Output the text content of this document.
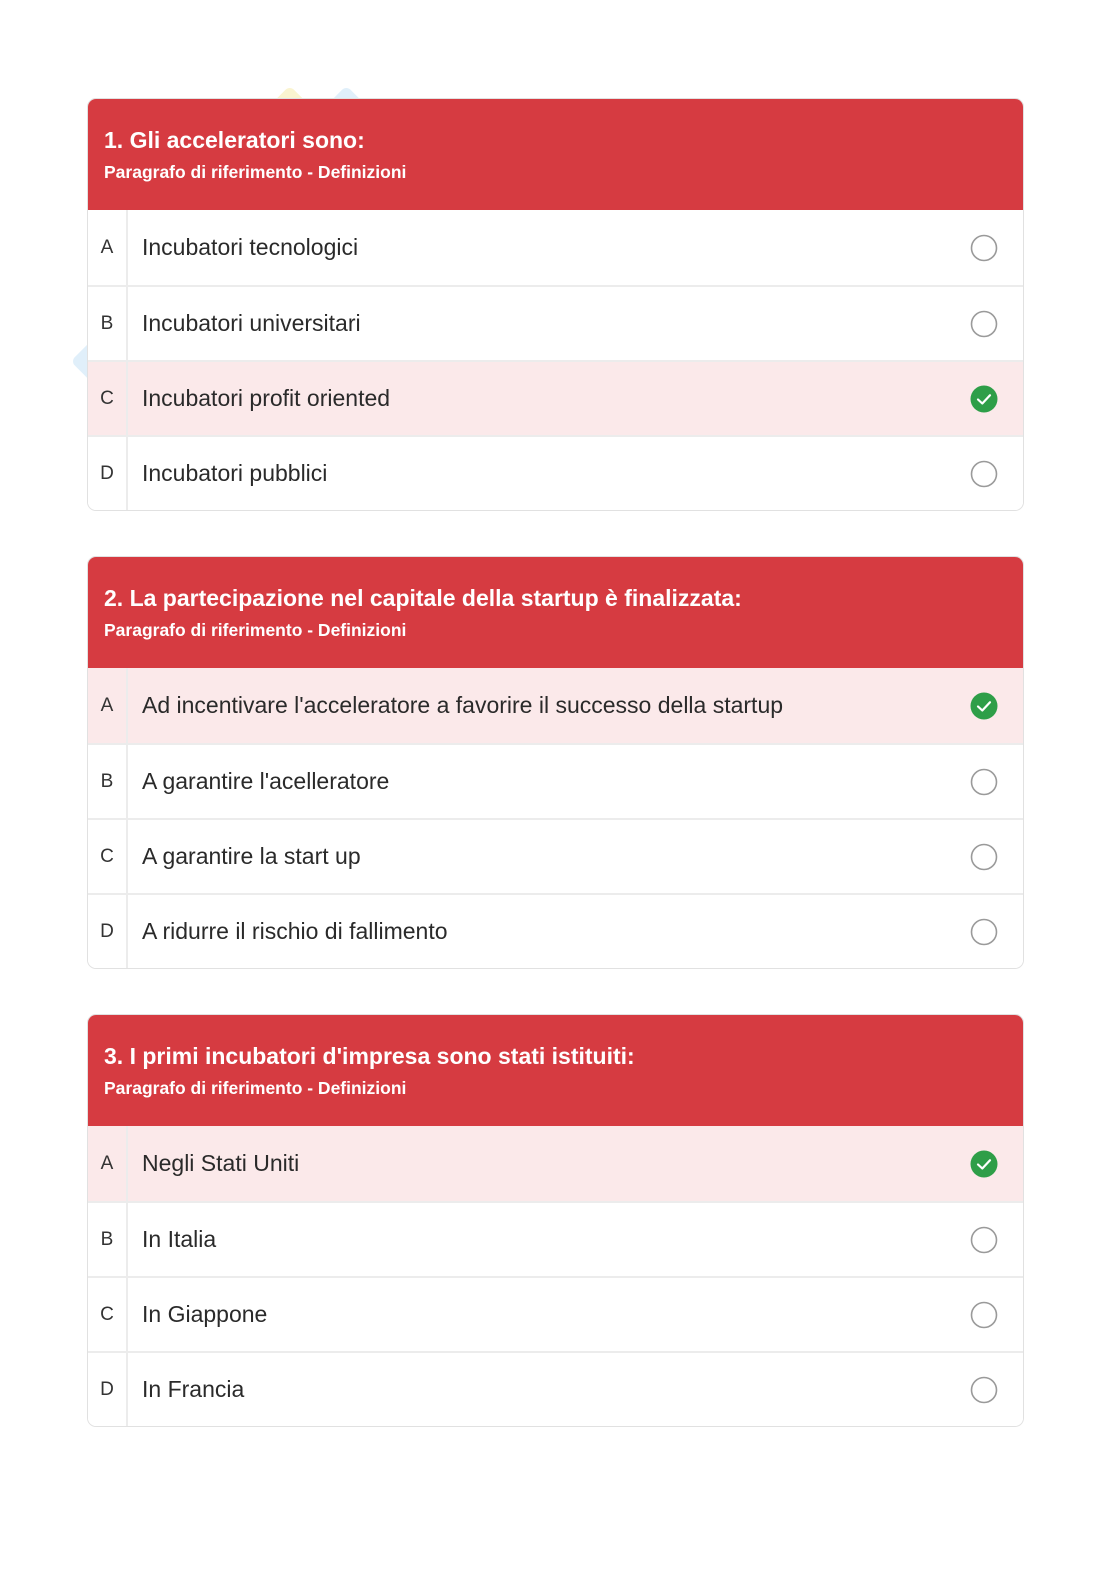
1. Gli acceleratori sono:
Paragrafo di riferimento - Definizioni
A	Incubatori tecnologici
B	Incubatori universitari
C	Incubatori profit oriented
D	Incubatori pubblici
2. La partecipazione nel capitale della startup è finalizzata:
Paragrafo di riferimento - Definizioni
A	Ad incentivare l'acceleratore a favorire il successo della startup
B	A garantire l'acelleratore
C	A garantire la start up
D	A ridurre il rischio di fallimento
3. I primi incubatori d'impresa sono stati istituiti:
Paragrafo di riferimento - Definizioni
A	Negli Stati Uniti
B	In Italia
C	In Giappone
D	In Francia
